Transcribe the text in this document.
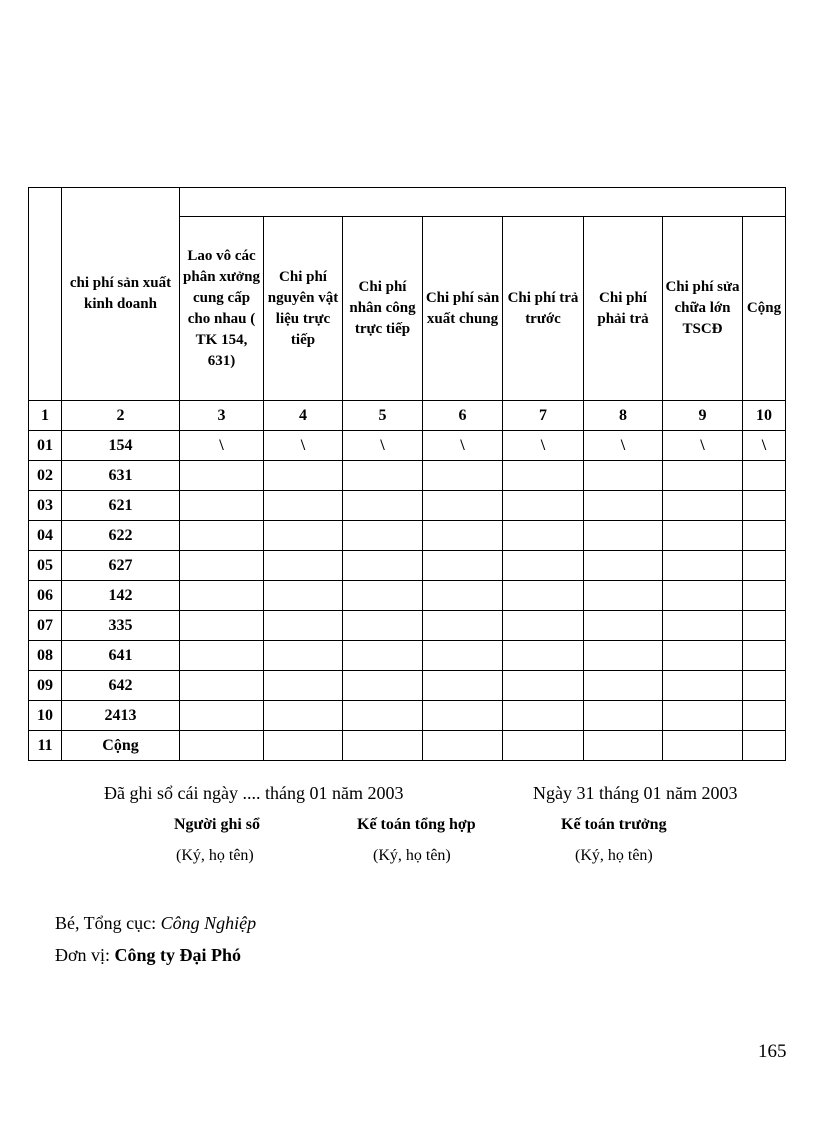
	chi phí sản xuất kinh doanh								
		Lao vô các phân xưởng cung cấp cho nhau ( TK 154, 631)	Chi phí nguyên vật liệu trực tiếp	Chi phí nhân công trực tiếp	Chi phí sản xuất chung	Chi phí trả trước	Chi phí phải trả	Chi phí sửa chữa lớn TSCĐ	Cộng
1	2	3	4	5	6	7	8	9	10
01	154	\	\	\	\	\	\	\	\
02	631								
03	621								
04	622								
05	627								
06	142								
07	335								
08	641								
09	642								
10	2413								
11	Cộng								
Đã ghi sổ cái ngày .... tháng 01 năm 2003	Ngày 31 tháng 01 năm 2003
Người ghi sổ	Kế toán tổng hợp	Kế toán trưởng
(Ký, họ tên)	(Ký, họ tên)	(Ký, họ tên)
Bé, Tổng cục: Công Nghiệp
Đơn vị: Công ty Đại Phó
165
